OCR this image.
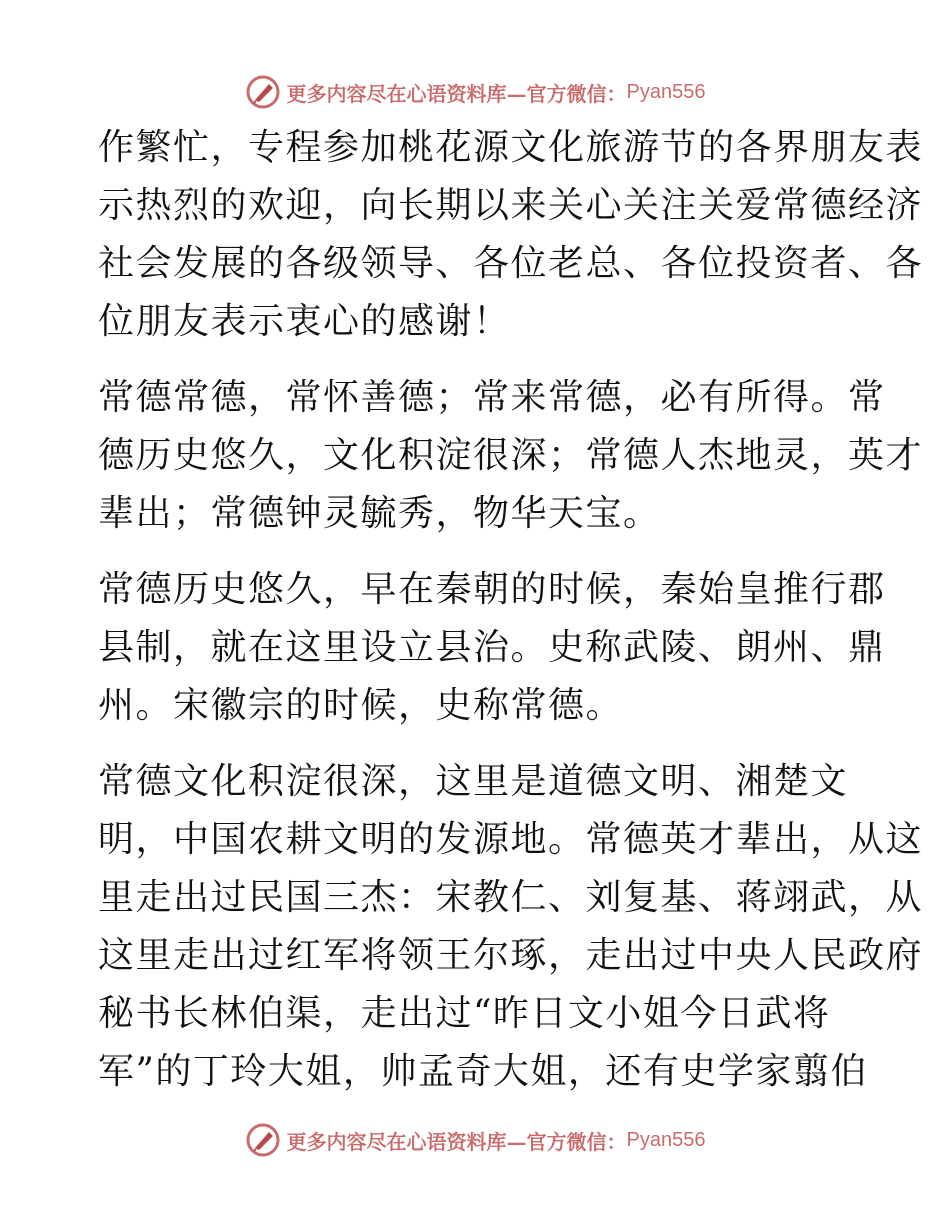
更多内容尽在心语资料库—官方微信： Pyan556
作繁忙，专程参加桃花源文化旅游节的各界朋友表
示热烈的欢迎，向长期以来关心关注关爱常德经济
社会发展的各级领导、各位老总、各位投资者、各
位朋友表示衷心的感谢！
常德常德，常怀善德；常来常德，必有所得。常
德历史悠久，文化积淀很深；常德人杰地灵，英才
辈出；常德钟灵毓秀，物华天宝。
常德历史悠久，早在秦朝的时候，秦始皇推行郡
县制，就在这里设立县治。史称武陵、朗州、鼎
州。宋徽宗的时候，史称常德。
常德文化积淀很深，这里是道德文明、湘楚文
明，中国农耕文明的发源地。常德英才辈出，从这
里走出过民国三杰：宋教仁、刘复基、蒋翊武，从
这里走出过红军将领王尔琢，走出过中央人民政府
秘书长林伯渠，走出过“昨日文小姐今日武将
军”的丁玲大姐，帅孟奇大姐，还有史学家翦伯
更多内容尽在心语资料库—官方微信： Pyan556
